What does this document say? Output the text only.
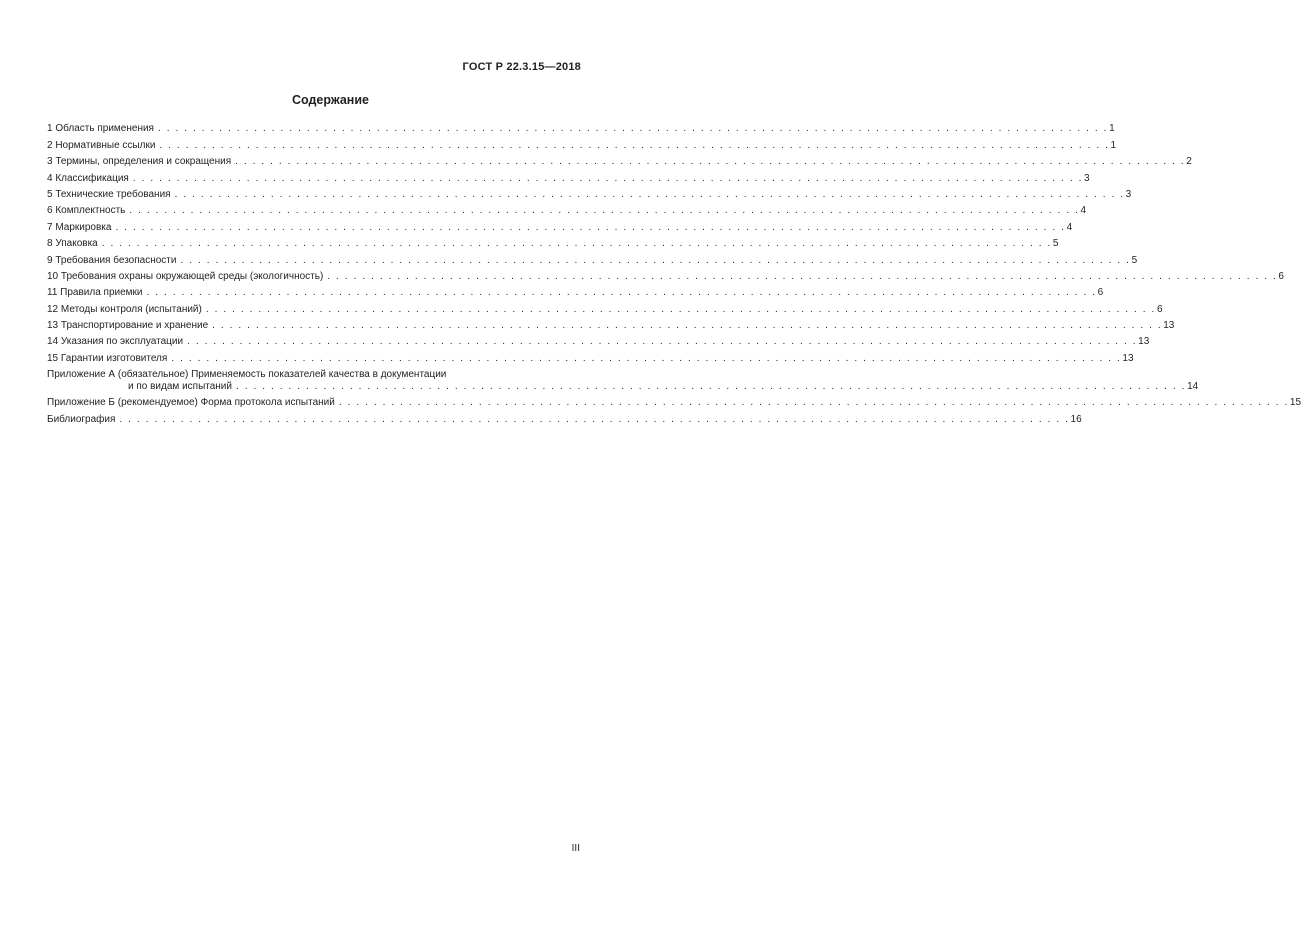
ГОСТ Р 22.3.15—2018
Содержание
1 Область применения . . . . . . . . . . . . . . . . . . . . . . . . . . . . . . . . . . . . . . . . . . . . . . . . . . . . . . . . . . . . . . . . . . . . . . . . . . . . . . . . . . . . . . . . . . . . . . . . . . . . . . . . . . . . . 1
2 Нормативные ссылки . . . . . . . . . . . . . . . . . . . . . . . . . . . . . . . . . . . . . . . . . . . . . . . . . . . . . . . . . . . . . . . . . . . . . . . . . . . . . . . . . . . . . . . . . . . . . . . . . . . . . . . . . . . . . 1
3 Термины, определения и сокращения . . . . . . . . . . . . . . . . . . . . . . . . . . . . . . . . . . . . . . . . . . . . . . . . . . . . . . . . . . . . . . . . . . . . . . . . . . . . . . . . . . . . . . . . . . . . . . . . . . . . . . . . . . . . . 2
4 Классификация . . . . . . . . . . . . . . . . . . . . . . . . . . . . . . . . . . . . . . . . . . . . . . . . . . . . . . . . . . . . . . . . . . . . . . . . . . . . . . . . . . . . . . . . . . . . . . . . . . . . . . . . . . . . . 3
5 Технические требования . . . . . . . . . . . . . . . . . . . . . . . . . . . . . . . . . . . . . . . . . . . . . . . . . . . . . . . . . . . . . . . . . . . . . . . . . . . . . . . . . . . . . . . . . . . . . . . . . . . . . . . . . . . . . 3
6 Комплектность . . . . . . . . . . . . . . . . . . . . . . . . . . . . . . . . . . . . . . . . . . . . . . . . . . . . . . . . . . . . . . . . . . . . . . . . . . . . . . . . . . . . . . . . . . . . . . . . . . . . . . . . . . . . . 4
7 Маркировка . . . . . . . . . . . . . . . . . . . . . . . . . . . . . . . . . . . . . . . . . . . . . . . . . . . . . . . . . . . . . . . . . . . . . . . . . . . . . . . . . . . . . . . . . . . . . . . . . . . . . . . . . . . . . 4
8 Упаковка . . . . . . . . . . . . . . . . . . . . . . . . . . . . . . . . . . . . . . . . . . . . . . . . . . . . . . . . . . . . . . . . . . . . . . . . . . . . . . . . . . . . . . . . . . . . . . . . . . . . . . . . . . . . . 5
9 Требования безопасности . . . . . . . . . . . . . . . . . . . . . . . . . . . . . . . . . . . . . . . . . . . . . . . . . . . . . . . . . . . . . . . . . . . . . . . . . . . . . . . . . . . . . . . . . . . . . . . . . . . . . . . . . . . . . 5
10 Требования охраны окружающей среды (экологичность) . . . . . . . . . . . . . . . . . . . . . . . . . . . . . . . . . . . . . . . . . . . . . . . . . . . . . . . . . . . . . . . . . . . . . . . . . . . . . . . . . . . . . . . . . . . . . . . . . . . . . . . . . . . . . 6
11 Правила приемки . . . . . . . . . . . . . . . . . . . . . . . . . . . . . . . . . . . . . . . . . . . . . . . . . . . . . . . . . . . . . . . . . . . . . . . . . . . . . . . . . . . . . . . . . . . . . . . . . . . . . . . . . . . . . 6
12 Методы контроля (испытаний) . . . . . . . . . . . . . . . . . . . . . . . . . . . . . . . . . . . . . . . . . . . . . . . . . . . . . . . . . . . . . . . . . . . . . . . . . . . . . . . . . . . . . . . . . . . . . . . . . . . . . . . . . . . . . 6
13 Транспортирование и хранение . . . . . . . . . . . . . . . . . . . . . . . . . . . . . . . . . . . . . . . . . . . . . . . . . . . . . . . . . . . . . . . . . . . . . . . . . . . . . . . . . . . . . . . . . . . . . . . . . . . . . . . . . . . . . 13
14 Указания по эксплуатации . . . . . . . . . . . . . . . . . . . . . . . . . . . . . . . . . . . . . . . . . . . . . . . . . . . . . . . . . . . . . . . . . . . . . . . . . . . . . . . . . . . . . . . . . . . . . . . . . . . . . . . . . . . . . 13
15 Гарантии изготовителя . . . . . . . . . . . . . . . . . . . . . . . . . . . . . . . . . . . . . . . . . . . . . . . . . . . . . . . . . . . . . . . . . . . . . . . . . . . . . . . . . . . . . . . . . . . . . . . . . . . . . . . . . . . . . 13
Приложение А (обязательное) Применяемость показателей качества в документации
и по видам испытаний . . . . . . . . . . . . . . . . . . . . . . . . . . . . . . . . . . . . . . . . . . . . . . . . . . . . . . . . . . . . . . . . . . . . . . . . . . . . . . . . . . . . . . . . . . . . . . . . . . . . . . . . . . . . . 14
Приложение Б (рекомендуемое) Форма протокола испытаний . . . . . . . . . . . . . . . . . . . . . . . . . . . . . . . . . . . . . . . . . . . . . . . . . . . . . . . . . . . . . . . . . . . . . . . . . . . . . . . . . . . . . . . . . . . . . . . . . . . . . . . . . . . . . 15
Библиография . . . . . . . . . . . . . . . . . . . . . . . . . . . . . . . . . . . . . . . . . . . . . . . . . . . . . . . . . . . . . . . . . . . . . . . . . . . . . . . . . . . . . . . . . . . . . . . . . . . . . . . . . . . . . 16
III
